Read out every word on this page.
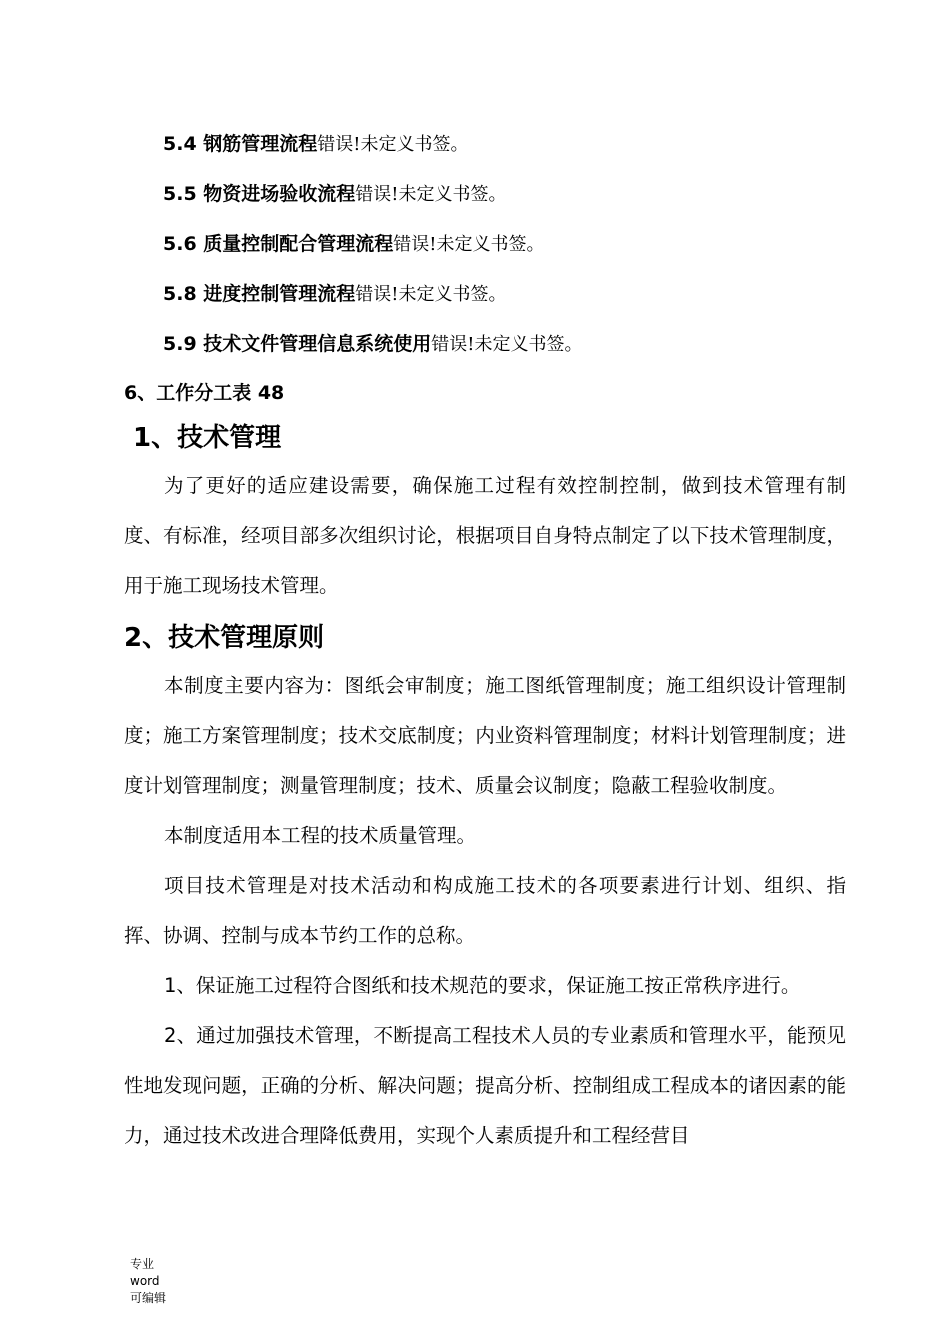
5.4 钢筋管理流程错误!未定义书签。
5.5 物资进场验收流程错误!未定义书签。
5.6 质量控制配合管理流程错误!未定义书签。
5.8 进度控制管理流程错误!未定义书签。
5.9 技术文件管理信息系统使用错误!未定义书签。
6、工作分工表 48
1、技术管理

为了更好的适应建设需要，确保施工过程有效控制控制，做到技术管理有制度、有标准，经项目部多次组织讨论，根据项目自身特点制定了以下技术管理制度，用于施工现场技术管理。

2、技术管理原则

本制度主要内容为：图纸会审制度；施工图纸管理制度；施工组织设计管理制度；施工方案管理制度；技术交底制度；内业资料管理制度；材料计划管理制度；进度计划管理制度；测量管理制度；技术、质量会议制度；隐蔽工程验收制度。

本制度适用本工程的技术质量管理。

项目技术管理是对技术活动和构成施工技术的各项要素进行计划、组织、指挥、协调、控制与成本节约工作的总称。

1、保证施工过程符合图纸和技术规范的要求，保证施工按正常秩序进行。

2、通过加强技术管理，不断提高工程技术人员的专业素质和管理水平，能预见性地发现问题，正确的分析、解决问题；提高分析、控制组成工程成本的诸因素的能力，通过技术改进合理降低费用，实现个人素质提升和工程经营目

专业
word
可编辑
